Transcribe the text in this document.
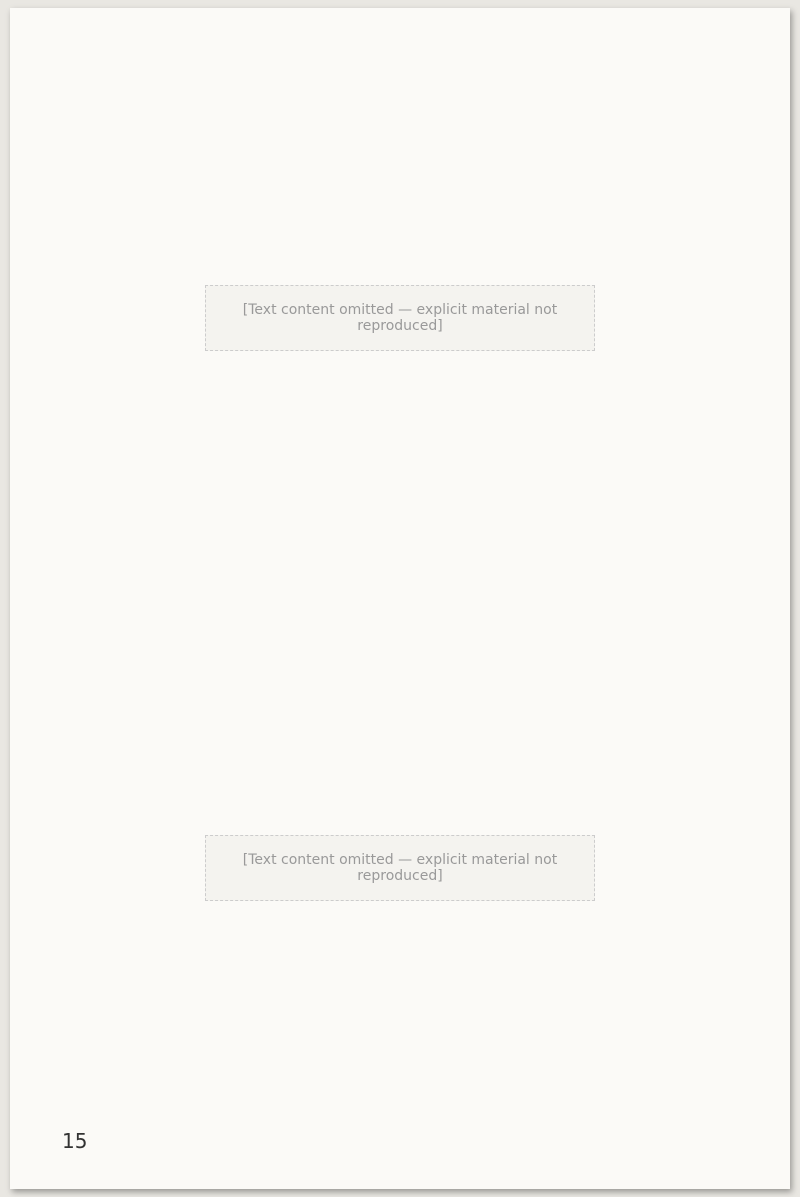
[Text content omitted — explicit material not reproduced]
[Text content omitted — explicit material not reproduced]
15
